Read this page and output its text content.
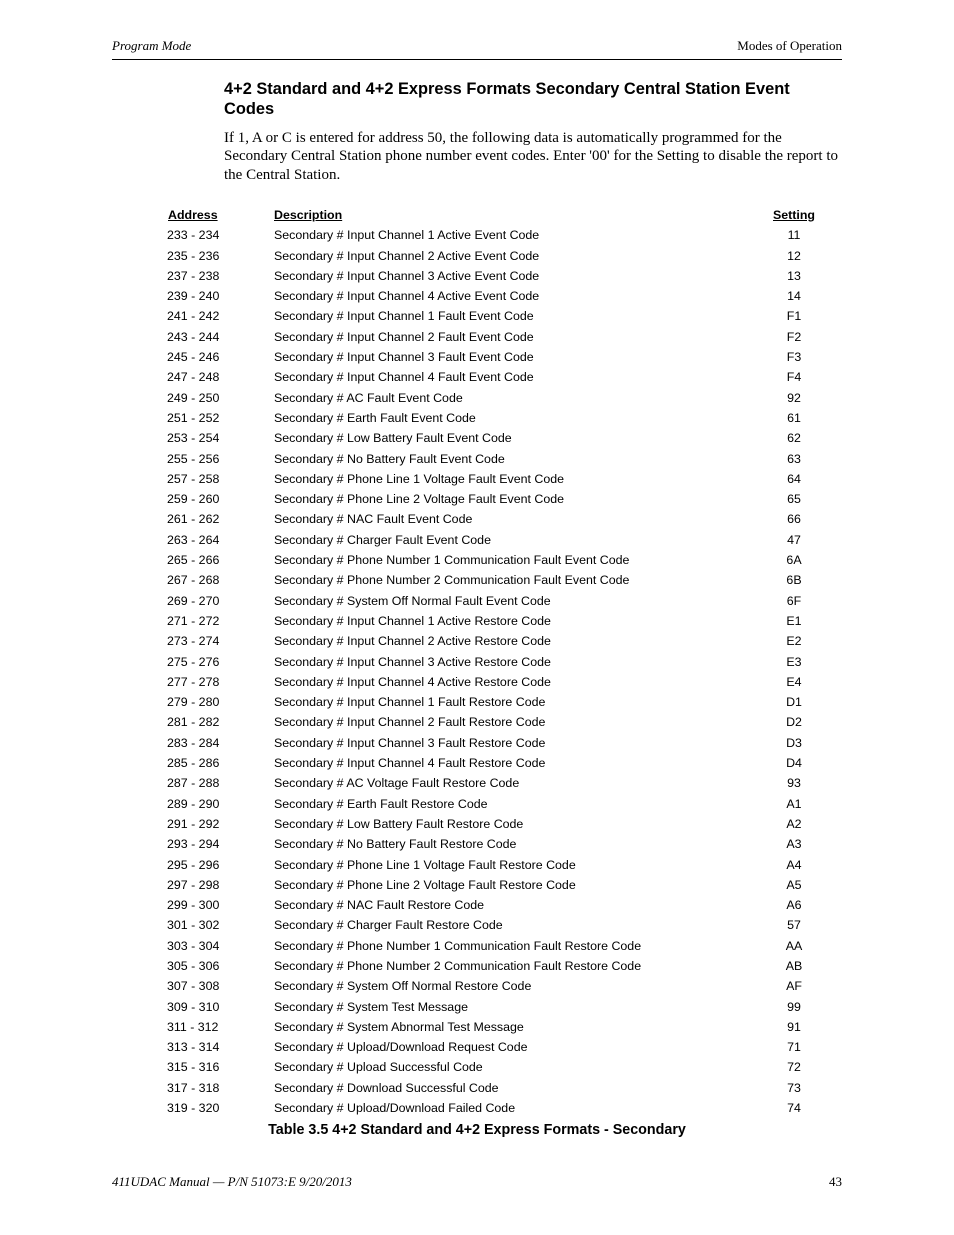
Program Mode	Modes of Operation
4+2 Standard and 4+2 Express Formats Secondary Central Station Event Codes

If 1, A or C is entered for address 50, the following data is automatically programmed for the Secondary Central Station phone number event codes. Enter '00' for the Setting to disable the report to the Central Station.

Address	Description	Setting
233 - 234	Secondary # Input Channel 1 Active Event Code	11
235 - 236	Secondary # Input Channel 2 Active Event Code	12
237 - 238	Secondary # Input Channel 3 Active Event Code	13
239 - 240	Secondary # Input Channel 4 Active Event Code	14
241 - 242	Secondary # Input Channel 1 Fault Event Code	F1
243 - 244	Secondary # Input Channel 2 Fault Event Code	F2
245 - 246	Secondary # Input Channel 3 Fault Event Code	F3
247 - 248	Secondary # Input Channel 4 Fault Event Code	F4
249 - 250	Secondary # AC Fault Event Code	92
251 - 252	Secondary # Earth Fault Event Code	61
253 - 254	Secondary # Low Battery Fault Event Code	62
255 - 256	Secondary # No Battery Fault Event Code	63
257 - 258	Secondary # Phone Line 1 Voltage Fault Event Code	64
259 - 260	Secondary # Phone Line 2 Voltage Fault Event Code	65
261 - 262	Secondary # NAC Fault Event Code	66
263 - 264	Secondary # Charger Fault Event Code	47
265 - 266	Secondary # Phone Number 1 Communication Fault Event Code	6A
267 - 268	Secondary # Phone Number 2 Communication Fault Event Code	6B
269 - 270	Secondary # System Off Normal Fault Event Code	6F
271 - 272	Secondary # Input Channel 1 Active Restore Code	E1
273 - 274	Secondary # Input Channel 2 Active Restore Code	E2
275 - 276	Secondary # Input Channel 3 Active Restore Code	E3
277 - 278	Secondary # Input Channel 4 Active Restore Code	E4
279 - 280	Secondary # Input Channel 1 Fault Restore Code	D1
281 - 282	Secondary # Input Channel 2 Fault Restore Code	D2
283 - 284	Secondary # Input Channel 3 Fault Restore Code	D3
285 - 286	Secondary # Input Channel 4 Fault Restore Code	D4
287 - 288	Secondary # AC Voltage Fault Restore Code	93
289 - 290	Secondary # Earth Fault Restore Code	A1
291 - 292	Secondary # Low Battery Fault Restore Code	A2
293 - 294	Secondary # No Battery Fault Restore Code	A3
295 - 296	Secondary # Phone Line 1 Voltage Fault Restore Code	A4
297 - 298	Secondary # Phone Line 2 Voltage Fault Restore Code	A5
299 - 300	Secondary # NAC Fault Restore Code	A6
301 - 302	Secondary # Charger Fault Restore Code	57
303 - 304	Secondary # Phone Number 1 Communication Fault Restore Code	AA
305 - 306	Secondary # Phone Number 2 Communication Fault Restore Code	AB
307 - 308	Secondary # System Off Normal Restore Code	AF
309 - 310	Secondary # System Test Message	99
311 - 312	Secondary # System Abnormal Test Message	91
313 - 314	Secondary # Upload/Download Request Code	71
315 - 316	Secondary # Upload Successful Code	72
317 - 318	Secondary # Download Successful Code	73
319 - 320	Secondary # Upload/Download Failed Code	74

Table 3.5 4+2 Standard and 4+2 Express Formats - Secondary

411UDAC Manual — P/N 51073:E 9/20/2013	43
